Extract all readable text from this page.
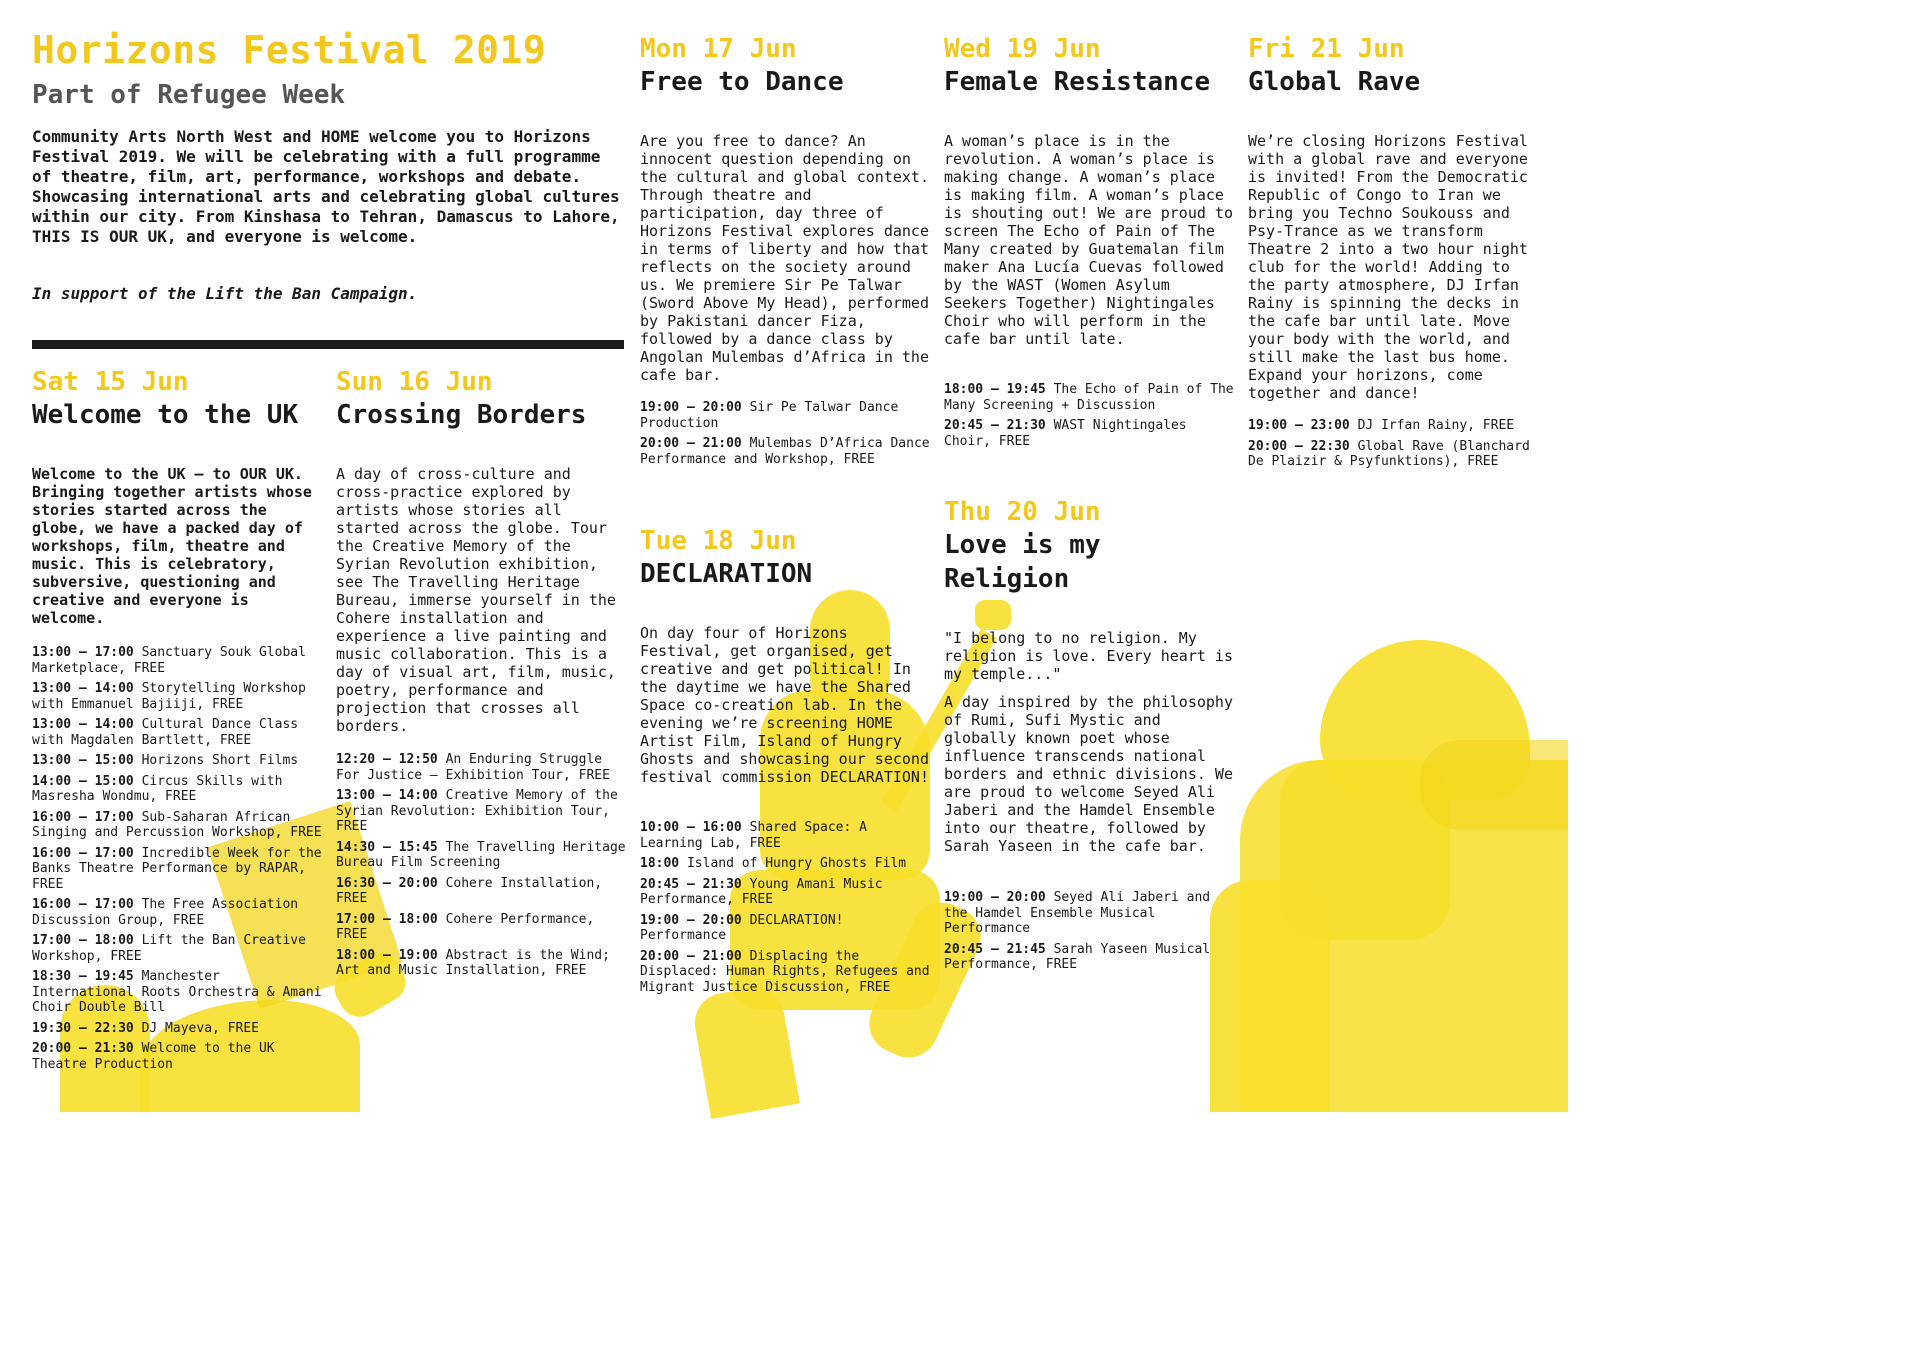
Horizons Festival 2019
Part of Refugee Week
Community Arts North West and HOME welcome you to Horizons Festival 2019. We will be celebrating with a full programme of theatre, film, art, performance, workshops and debate. Showcasing international arts and celebrating global cultures within our city. From Kinshasa to Tehran, Damascus to Lahore, THIS IS OUR UK, and everyone is welcome.
In support of the Lift the Ban Campaign.
Sat 15 Jun
Welcome to the UK
Welcome to the UK – to OUR UK. Bringing together artists whose stories started across the globe, we have a packed day of workshops, film, theatre and music. This is celebratory, subversive, questioning and creative and everyone is welcome.
13:00 – 17:00 Sanctuary Souk Global Marketplace, FREE
13:00 – 14:00 Storytelling Workshop with Emmanuel Bajiiji, FREE
13:00 – 14:00 Cultural Dance Class with Magdalen Bartlett, FREE
13:00 – 15:00 Horizons Short Films
14:00 – 15:00 Circus Skills with Masresha Wondmu, FREE
16:00 – 17:00 Sub-Saharan African Singing and Percussion Workshop, FREE
16:00 – 17:00 Incredible Week for the Banks Theatre Performance by RAPAR, FREE
16:00 – 17:00 The Free Association Discussion Group, FREE
17:00 – 18:00 Lift the Ban Creative Workshop, FREE
18:30 – 19:45 Manchester International Roots Orchestra & Amani Choir Double Bill
19:30 – 22:30 DJ Mayeva, FREE
20:00 – 21:30 Welcome to the UK Theatre Production
Sun 16 Jun
Crossing Borders
A day of cross-culture and cross-practice explored by artists whose stories all started across the globe. Tour the Creative Memory of the Syrian Revolution exhibition, see The Travelling Heritage Bureau, immerse yourself in the Cohere installation and experience a live painting and music collaboration. This is a day of visual art, film, music, poetry, performance and projection that crosses all borders.
12:20 – 12:50 An Enduring Struggle For Justice – Exhibition Tour, FREE
13:00 – 14:00 Creative Memory of the Syrian Revolution: Exhibition Tour, FREE
14:30 – 15:45 The Travelling Heritage Bureau Film Screening
16:30 – 20:00 Cohere Installation, FREE
17:00 – 18:00 Cohere Performance, FREE
18:00 – 19:00 Abstract is the Wind; Art and Music Installation, FREE
Mon 17 Jun
Free to Dance
Are you free to dance? An innocent question depending on the cultural and global context. Through theatre and participation, day three of Horizons Festival explores dance in terms of liberty and how that reflects on the society around us. We premiere Sir Pe Talwar (Sword Above My Head), performed by Pakistani dancer Fiza, followed by a dance class by Angolan Mulembas d’Africa in the cafe bar.
19:00 – 20:00 Sir Pe Talwar Dance Production
20:00 – 21:00 Mulembas D’Africa Dance Performance and Workshop, FREE
Tue 18 Jun
DECLARATION
On day four of Horizons Festival, get organised, get creative and get political! In the daytime we have the Shared Space co-creation lab. In the evening we’re screening HOME Artist Film, Island of Hungry Ghosts and showcasing our second festival commission DECLARATION!
10:00 – 16:00 Shared Space: A Learning Lab, FREE
18:00 Island of Hungry Ghosts Film
20:45 – 21:30 Young Amani Music Performance, FREE
19:00 – 20:00 DECLARATION! Performance
20:00 – 21:00 Displacing the Displaced: Human Rights, Refugees and Migrant Justice Discussion, FREE
Wed 19 Jun
Female Resistance
A woman’s place is in the revolution. A woman’s place is making change. A woman’s place is making film. A woman’s place is shouting out! We are proud to screen The Echo of Pain of The Many created by Guatemalan film maker Ana Lucía Cuevas followed by the WAST (Women Asylum Seekers Together) Nightingales Choir who will perform in the cafe bar until late.
18:00 – 19:45 The Echo of Pain of The Many Screening + Discussion
20:45 – 21:30 WAST Nightingales Choir, FREE
Thu 20 Jun
Love is my Religion
"I belong to no religion. My religion is love. Every heart is my temple..."
A day inspired by the philosophy of Rumi, Sufi Mystic and globally known poet whose influence transcends national borders and ethnic divisions. We are proud to welcome Seyed Ali Jaberi and the Hamdel Ensemble into our theatre, followed by Sarah Yaseen in the cafe bar.
19:00 – 20:00 Seyed Ali Jaberi and the Hamdel Ensemble Musical Performance
20:45 – 21:45 Sarah Yaseen Musical Performance, FREE
Fri 21 Jun
Global Rave
We’re closing Horizons Festival with a global rave and everyone is invited! From the Democratic Republic of Congo to Iran we bring you Techno Soukouss and Psy-Trance as we transform Theatre 2 into a two hour night club for the world! Adding to the party atmosphere, DJ Irfan Rainy is spinning the decks in the cafe bar until late. Move your body with the world, and still make the last bus home. Expand your horizons, come together and dance!
19:00 – 23:00 DJ Irfan Rainy, FREE
20:00 – 22:30 Global Rave (Blanchard De Plaizir & Psyfunktions), FREE
